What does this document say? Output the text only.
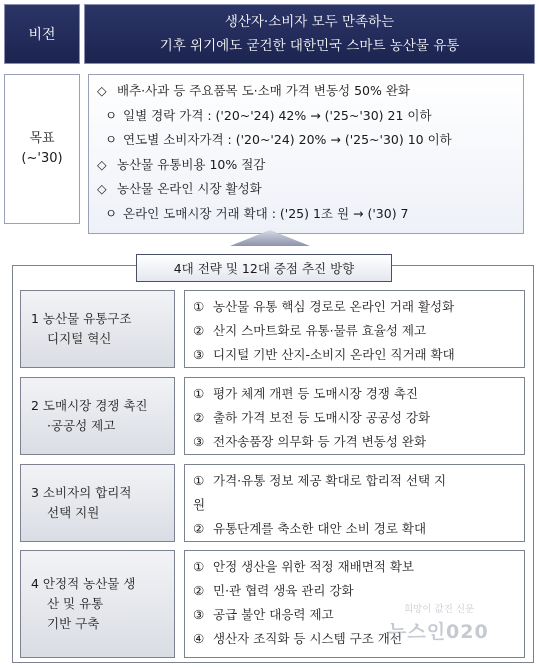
비전
생산자·소비자 모두 만족하는
기후 위기에도 굳건한 대한민국 스마트 농산물 유통
목표
(~'30)
◇ 배추·사과 등 주요품목 도·소매 가격 변동성 50% 완화
ㅇ 일별 경락 가격 : ('20~'24) 42% → ('25~'30) 21 이하
ㅇ 연도별 소비자가격 : ('20~'24) 20% → ('25~'30) 10 이하
◇ 농산물 유통비용 10% 절감
◇ 농산물 온라인 시장 활성화
ㅇ 온라인 도매시장 거래 확대 : ('25) 1조 원 → ('30) 7
4대 전략 및 12대 중점 추진 방향
1 농산물 유통구조
디지털 혁신
① 농산물 유통 핵심 경로로 온라인 거래 활성화
② 산지 스마트화로 유통·물류 효율성 제고
③ 디지털 기반 산지-소비지 온라인 직거래 확대
2 도매시장 경쟁 촉진
·공공성 제고
① 평가 체계 개편 등 도매시장 경쟁 촉진
② 출하 가격 보전 등 도매시장 공공성 강화
③ 전자송품장 의무화 등 가격 변동성 완화
3 소비자의 합리적
선택 지원
① 가격·유통 정보 제공 확대로 합리적 선택 지
원
② 유통단계를 축소한 대안 소비 경로 확대
4 안정적 농산물 생
산 및 유통
기반 구축
① 안정 생산을 위한 적정 재배면적 확보
② 민·관 협력 생육 관리 강화
③ 공급 불안 대응력 제고
④ 생산자 조직화 등 시스템 구조 개선
희망이 값진 신문
뉴스인020
